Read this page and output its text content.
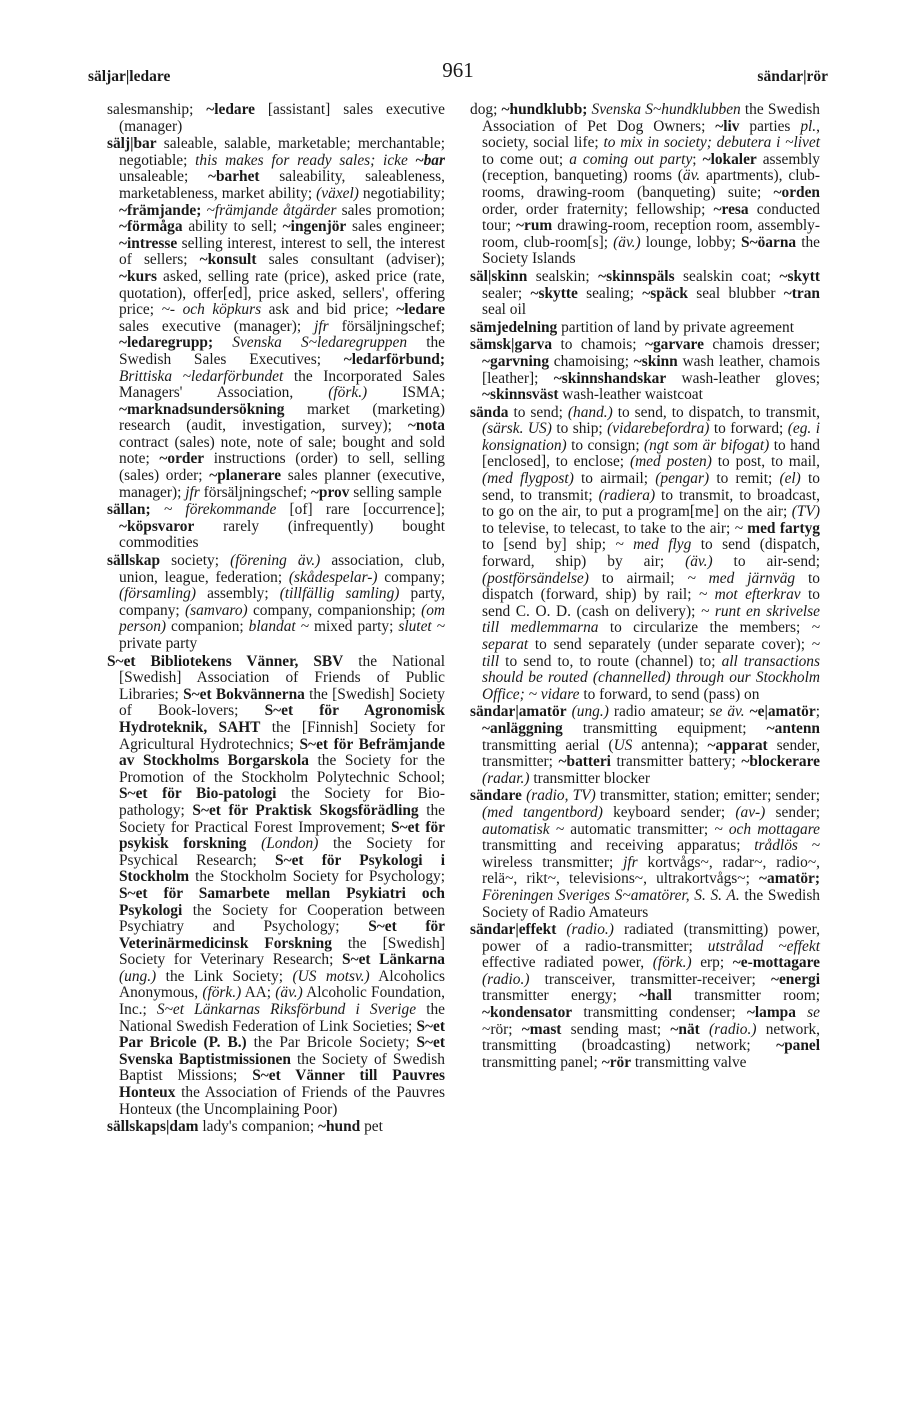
säljar|ledare	961	sändar|rör

salesmanship; ~ledare [assistant] sales executive (manager)

sälj|bar saleable, salable, marketable; merchantable; negotiable; this makes for ready sales; icke ~bar unsaleable; ~barhet saleability, saleableness, marketableness, market ability; (växel) negotiability; ~främjande; ~främjande åtgärder sales promotion; ~förmåga ability to sell; ~ingenjör sales engineer; ~intresse selling interest, interest to sell, the interest of sellers; ~konsult sales consultant (adviser); ~kurs asked, selling rate (price), asked price (rate, quotation), offer[ed], price asked, sellers', offering price; ~- och köpkurs ask and bid price; ~ledare sales executive (manager); jfr försäljningschef; ~ledaregrupp; Svenska S~ledaregruppen the Swedish Sales Executives; ~ledarförbund; Brittiska ~ledarförbundet the Incorporated Sales Managers' Association, (förk.) ISMA; ~marknadsundersökning market (marketing) research (audit, investigation, survey); ~nota contract (sales) note, note of sale; bought and sold note; ~order instructions (order) to sell, selling (sales) order; ~planerare sales planner (executive, manager); jfr försäljningschef; ~prov selling sample

sällan; ~ förekommande [of] rare [occurrence]; ~köpsvaror rarely (infrequently) bought commodities

sällskap society; (förening äv.) association, club, union, league, federation; (skådespelar-) company; (församling) assembly; (tillfällig samling) party, company; (samvaro) company, companionship; (om person) companion; blandat ~ mixed party; slutet ~ private party

S~et Bibliotekens Vänner, SBV the National [Swedish] Association of Friends of Public Libraries; S~et Bokvännerna the [Swedish] Society of Book-lovers; S~et för Agronomisk Hydroteknik, SAHT the [Finnish] Society for Agricultural Hydrotechnics; S~et för Befrämjande av Stockholms Borgarskola the Society for the Promotion of the Stockholm Polytechnic School; S~et för Bio-patologi the Society for Bio-pathology; S~et för Praktisk Skogsförädling the Society for Practical Forest Improvement; S~et för psykisk forskning (London) the Society for Psychical Research; S~et för Psykologi i Stockholm the Stockholm Society for Psychology; S~et för Samarbete mellan Psykiatri och Psykologi the Society for Cooperation between Psychiatry and Psychology; S~et för Veterinärmedicinsk Forskning the [Swedish] Society for Veterinary Research; S~et Länkarna (ung.) the Link Society; (US motsv.) Alcoholics Anonymous, (förk.) AA; (äv.) Alcoholic Foundation, Inc.; S~et Länkarnas Riksförbund i Sverige the National Swedish Federation of Link Societies; S~et Par Bricole (P. B.) the Par Bricole Society; S~et Svenska Baptistmissionen the Society of Swedish Baptist Missions; S~et Vänner till Pauvres Honteux the Association of Friends of the Pauvres Honteux (the Uncomplaining Poor)

sällskaps|dam lady's companion; ~hund pet

dog; ~hundklubb; Svenska S~hundklubben the Swedish Association of Pet Dog Owners; ~liv parties pl., society, social life; to mix in society; debutera i ~livet to come out; a coming out party; ~lokaler assembly (reception, banqueting) rooms (äv. apartments), club-rooms, drawing-room (banqueting) suite; ~orden order, order fraternity; fellowship; ~resa conducted tour; ~rum drawing-room, reception room, assembly-room, club-room[s]; (äv.) lounge, lobby; S~öarna the Society Islands

säl|skinn sealskin; ~skinnspäls sealskin coat; ~skytt sealer; ~skytte sealing; ~späck seal blubber ~tran seal oil

sämjedelning partition of land by private agreement

sämsk|garva to chamois; ~garvare chamois dresser; ~garvning chamoising; ~skinn wash leather, chamois [leather]; ~skinnshandskar wash-leather gloves; ~skinnsväst wash-leather waistcoat

sända to send; (hand.) to send, to dispatch, to transmit, (särsk. US) to ship; (vidarebefordra) to forward; (eg. i konsignation) to consign; (ngt som är bifogat) to hand [enclosed], to enclose; (med posten) to post, to mail, (med flygpost) to airmail; (pengar) to remit; (el) to send, to transmit; (radiera) to transmit, to broadcast, to go on the air, to put a program[me] on the air; (TV) to televise, to telecast, to take to the air; ~ med fartyg to [send by] ship; ~ med flyg to send (dispatch, forward, ship) by air; (äv.) to air-send; (postförsändelse) to airmail; ~ med järnväg to dispatch (forward, ship) by rail; ~ mot efterkrav to send C. O. D. (cash on delivery); ~ runt en skrivelse till medlemmarna to circularize the members; ~ separat to send separately (under separate cover); ~ till to send to, to route (channel) to; all transactions should be routed (channelled) through our Stockholm Office; ~ vidare to forward, to send (pass) on

sändar|amatör (ung.) radio amateur; se äv. ~e|amatör; ~anläggning transmitting equipment; ~antenn transmitting aerial (US antenna); ~apparat sender, transmitter; ~batteri transmitter battery; ~blockerare (radar.) transmitter blocker

sändare (radio, TV) transmitter, station; emitter; sender; (med tangentbord) keyboard sender; (av-) sender; automatisk ~ automatic transmitter; ~ och mottagare transmitting and receiving apparatus; trådlös ~ wireless transmitter; jfr kortvågs~, radar~, radio~, relä~, rikt~, televisions~, ultrakortvågs~; ~amatör; Föreningen Sveriges S~amatörer, S. S. A. the Swedish Society of Radio Amateurs

sändar|effekt (radio.) radiated (transmitting) power, power of a radio-transmitter; utstrålad ~effekt effective radiated power, (förk.) erp; ~e-mottagare (radio.) transceiver, transmitter-receiver; ~energi transmitter energy; ~hall transmitter room; ~kondensator transmitting condenser; ~lampa se ~rör; ~mast sending mast; ~nät (radio.) network, transmitting (broadcasting) network; ~panel transmitting panel; ~rör transmitting valve
